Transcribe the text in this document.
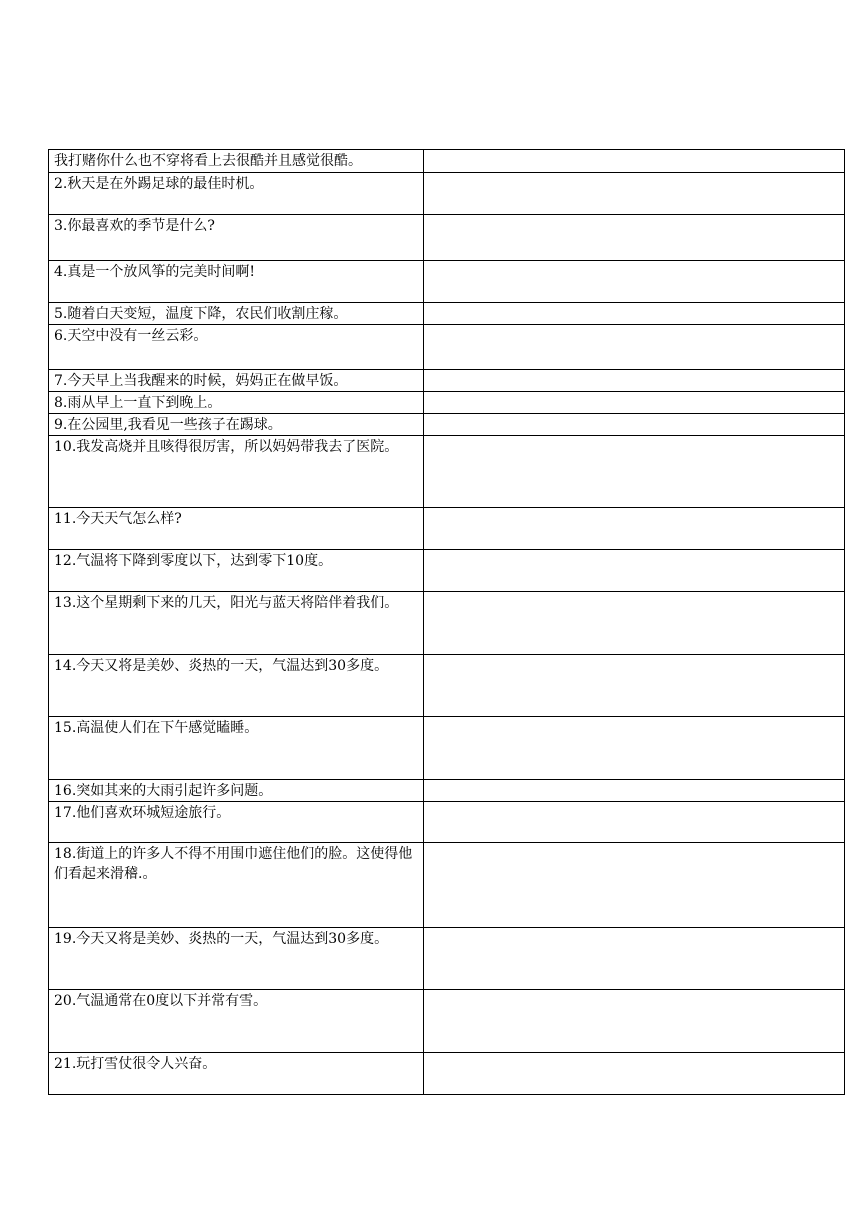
我打赌你什么也不穿将看上去很酷并且感觉很酷。	

2.秋天是在外踢足球的最佳时机。	

3.你最喜欢的季节是什么?	

4.真是一个放风筝的完美时间啊!	

5.随着白天变短，温度下降，农民们收割庄稼。	

6.天空中没有一丝云彩。	

7.今天早上当我醒来的时候，妈妈正在做早饭。	

8.雨从早上一直下到晚上。	

9.在公园里,我看见一些孩子在踢球。	

10.我发高烧并且咳得很厉害，所以妈妈带我去了医院。	

11.今天天气怎么样?	

12.气温将下降到零度以下，达到零下10度。	

13.这个星期剩下来的几天，阳光与蓝天将陪伴着我们。	

14.今天又将是美妙、炎热的一天，气温达到30多度。	

15.高温使人们在下午感觉瞌睡。	

16.突如其来的大雨引起许多问题。	

17.他们喜欢环城短途旅行。	

18.街道上的许多人不得不用围巾遮住他们的脸。这使得他们看起来滑稽.。	

19.今天又将是美妙、炎热的一天，气温达到30多度。	

20.气温通常在0度以下并常有雪。	

21.玩打雪仗很令人兴奋。	
